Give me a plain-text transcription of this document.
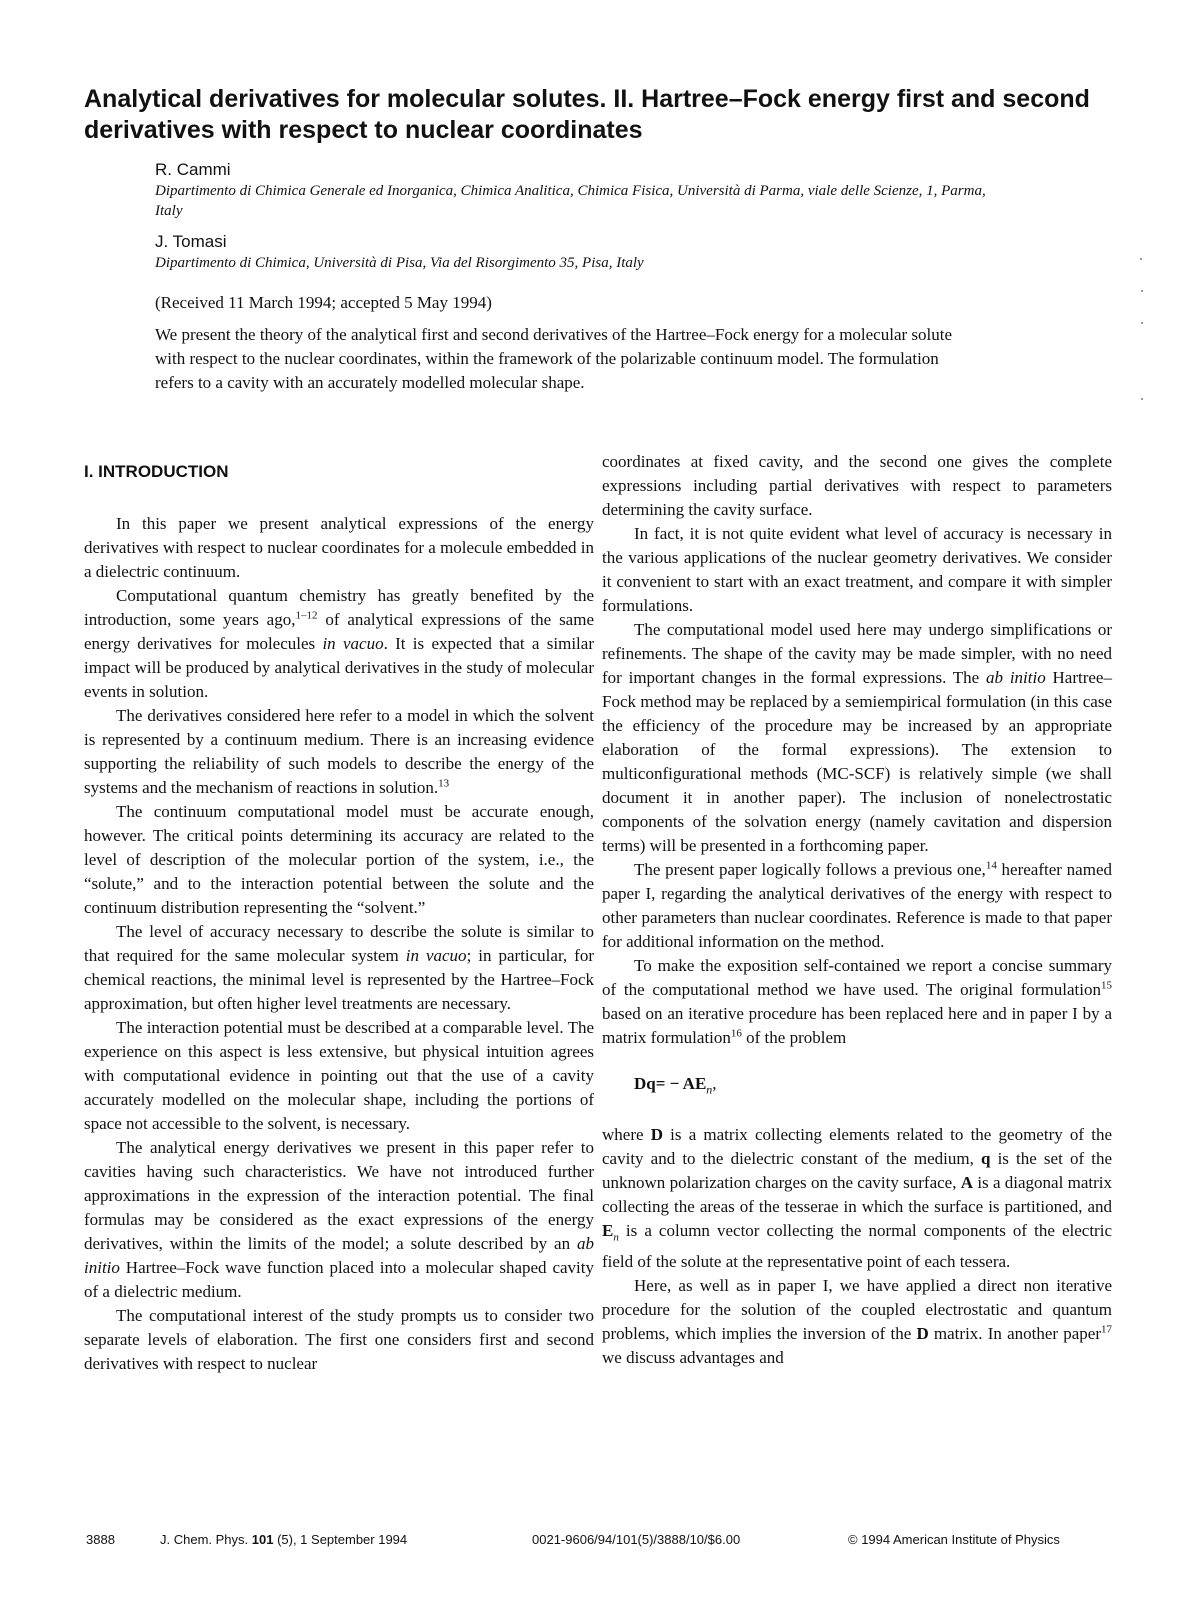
Analytical derivatives for molecular solutes. II. Hartree–Fock energy first and second derivatives with respect to nuclear coordinates
R. Cammi
Dipartimento di Chimica Generale ed Inorganica, Chimica Analitica, Chimica Fisica, Università di Parma, viale delle Scienze, 1, Parma, Italy
J. Tomasi
Dipartimento di Chimica, Università di Pisa, Via del Risorgimento 35, Pisa, Italy
(Received 11 March 1994; accepted 5 May 1994)

We present the theory of the analytical first and second derivatives of the Hartree–Fock energy for a molecular solute with respect to the nuclear coordinates, within the framework of the polarizable continuum model. The formulation refers to a cavity with an accurately modelled molecular shape.

I. INTRODUCTION

In this paper we present analytical expressions of the energy derivatives with respect to nuclear coordinates for a molecule embedded in a dielectric continuum.

Computational quantum chemistry has greatly benefited by the introduction, some years ago,$^{1-12}$ of analytical expressions of the same energy derivatives for molecules in vacuo. It is expected that a similar impact will be produced by analytical derivatives in the study of molecular events in solution.

The derivatives considered here refer to a model in which the solvent is represented by a continuum medium. There is an increasing evidence supporting the reliability of such models to describe the energy of the systems and the mechanism of reactions in solution.$^{13}$

The continuum computational model must be accurate enough, however. The critical points determining its accuracy are related to the level of description of the molecular portion of the system, i.e., the “solute,” and to the interaction potential between the solute and the continuum distribution representing the “solvent.”

The level of accuracy necessary to describe the solute is similar to that required for the same molecular system in vacuo; in particular, for chemical reactions, the minimal level is represented by the Hartree–Fock approximation, but often higher level treatments are necessary.

The interaction potential must be described at a comparable level. The experience on this aspect is less extensive, but physical intuition agrees with computational evidence in pointing out that the use of a cavity accurately modelled on the molecular shape, including the portions of space not accessible to the solvent, is necessary.

The analytical energy derivatives we present in this paper refer to cavities having such characteristics. We have not introduced further approximations in the expression of the interaction potential. The final formulas may be considered as the exact expressions of the energy derivatives, within the limits of the model; a solute described by an ab initio Hartree–Fock wave function placed into a molecular shaped cavity of a dielectric medium.

The computational interest of the study prompts us to consider two separate levels of elaboration. The first one considers first and second derivatives with respect to nuclear

coordinates at fixed cavity, and the second one gives the complete expressions including partial derivatives with respect to parameters determining the cavity surface.

In fact, it is not quite evident what level of accuracy is necessary in the various applications of the nuclear geometry derivatives. We consider it convenient to start with an exact treatment, and compare it with simpler formulations.

The computational model used here may undergo simplifications or refinements. The shape of the cavity may be made simpler, with no need for important changes in the formal expressions. The ab initio Hartree–Fock method may be replaced by a semiempirical formulation (in this case the efficiency of the procedure may be increased by an appropriate elaboration of the formal expressions). The extension to multiconfigurational methods (MC-SCF) is relatively simple (we shall document it in another paper). The inclusion of nonelectrostatic components of the solvation energy (namely cavitation and dispersion terms) will be presented in a forthcoming paper.

The present paper logically follows a previous one,$^{14}$ hereafter named paper I, regarding the analytical derivatives of the energy with respect to other parameters than nuclear coordinates. Reference is made to that paper for additional information on the method.

To make the exposition self-contained we report a concise summary of the computational method we have used. The original formulation$^{15}$ based on an iterative procedure has been replaced here and in paper I by a matrix formulation$^{16}$ of the problem

$Dq= - AE_n$,

where D is a matrix collecting elements related to the geometry of the cavity and to the dielectric constant of the medium, q is the set of the unknown polarization charges on the cavity surface, A is a diagonal matrix collecting the areas of the tesserae in which the surface is partitioned, and $E_n$ is a column vector collecting the normal components of the electric field of the solute at the representative point of each tessera.

Here, as well as in paper I, we have applied a direct non iterative procedure for the solution of the coupled electrostatic and quantum problems, which implies the inversion of the D matrix. In another paper$^{17}$ we discuss advantages and

3888	J. Chem. Phys. 101 (5), 1 September 1994	0021-9606/94/101(5)/3888/10/$6.00	© 1994 American Institute of Physics
